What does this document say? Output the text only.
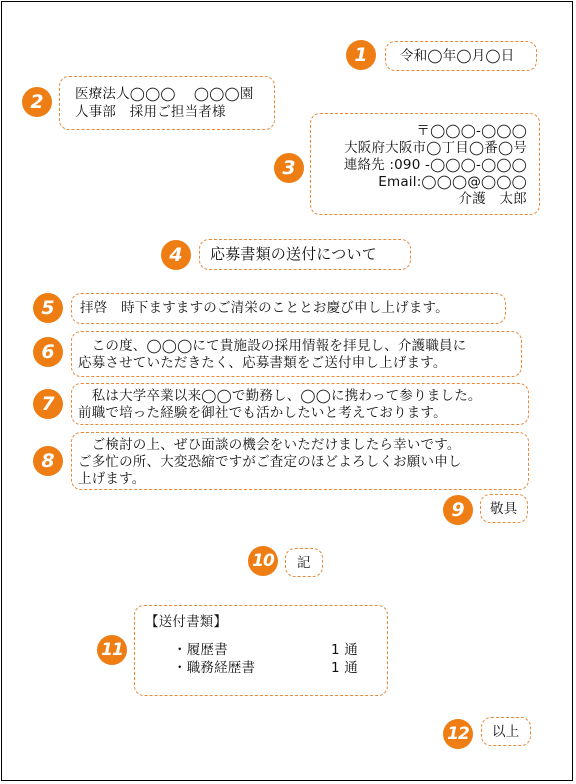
1	令和◯年◯月◯日
2	医療法人◯◯◯　 ◯◯◯園
人事部　採用ご担当者様
3
〒◯◯◯-◯◯◯
大阪府大阪市◯丁目◯番◯号
連絡先 :090 -◯◯◯-◯◯◯
Email:◯◯◯@◯◯◯
介護　太郎
4	応募書類の送付について
5	拝啓　時下ますますのご清栄のこととお慶び申し上げます。
6	　この度、◯◯◯にて貴施設の採用情報を拝見し、介護職員に
応募させていただきたく、応募書類をご送付申し上げます。
7	　私は大学卒業以来◯◯で勤務し、◯◯に携わって参りました。
前職で培った経験を御社でも活かしたいと考えております。
8
　ご検討の上、ぜひ面談の機会をいただけましたら幸いです。
ご多忙の所、大変恐縮ですがご査定のほどよろしくお願い申し
上げます。
9	敬具
10	記
11
【送付書類】
・履歴書	1 通
・職務経歴書	1 通
12	以上
